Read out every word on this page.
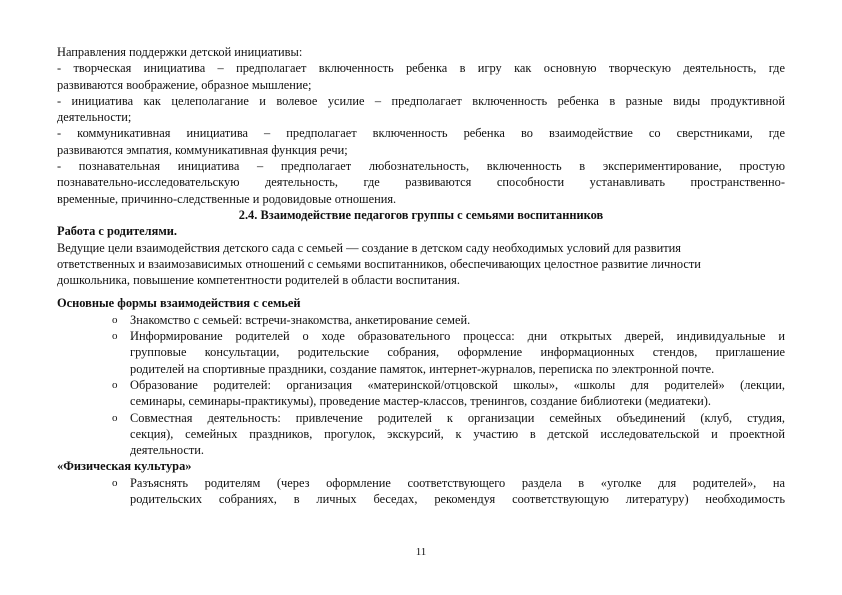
Направления поддержки детской инициативы:
- творческая инициатива – предполагает включенность ребенка в игру как основную творческую деятельность, где
развиваются воображение, образное мышление;
- инициатива как целеполагание и волевое усилие – предполагает включенность ребенка в разные виды продуктивной
деятельности;
- коммуникативная инициатива – предполагает включенность ребенка во взаимодействие со сверстниками, где
развиваются эмпатия, коммуникативная функция речи;
- познавательная инициатива – предполагает любознательность, включенность в экспериментирование, простую
познавательно-исследовательскую деятельность, где развиваются способности устанавливать пространственно-
временные, причинно-следственные и родовидовые отношения.
2.4. Взаимодействие педагогов группы с семьями воспитанников
Работа с родителями.
Ведущие цели взаимодействия детского сада с семьей — создание в детском саду необходимых условий для развития
ответственных и взаимозависимых отношений с семьями воспитанников, обеспечивающих целостное развитие личности
дошкольника, повышение компетентности родителей в области воспитания.
Основные формы взаимодействия с семьей
o	Знакомство с семьей: встречи-знакомства, анкетирование семей.
o	Информирование родителей о ходе образовательного процесса: дни открытых дверей, индивидуальные и
групповые консультации, родительские собрания, оформление информационных стендов, приглашение
родителей на спортивные праздники, создание памяток, интернет-журналов, переписка по электронной почте.
o	Образование родителей: организация «материнской/отцовской школы», «школы для родителей» (лекции,
семинары, семинары-практикумы), проведение мастер-классов, тренингов, создание библиотеки (медиатеки).
o	Совместная деятельность: привлечение родителей к организации семейных объединений (клуб, студия,
секция), семейных праздников, прогулок, экскурсий, к участию в детской исследовательской и проектной
деятельности.
«Физическая культура»
o	Разъяснять родителям (через оформление соответствующего раздела в «уголке для родителей», на
родительских собраниях, в личных беседах, рекомендуя соответствующую литературу) необходимость
11
